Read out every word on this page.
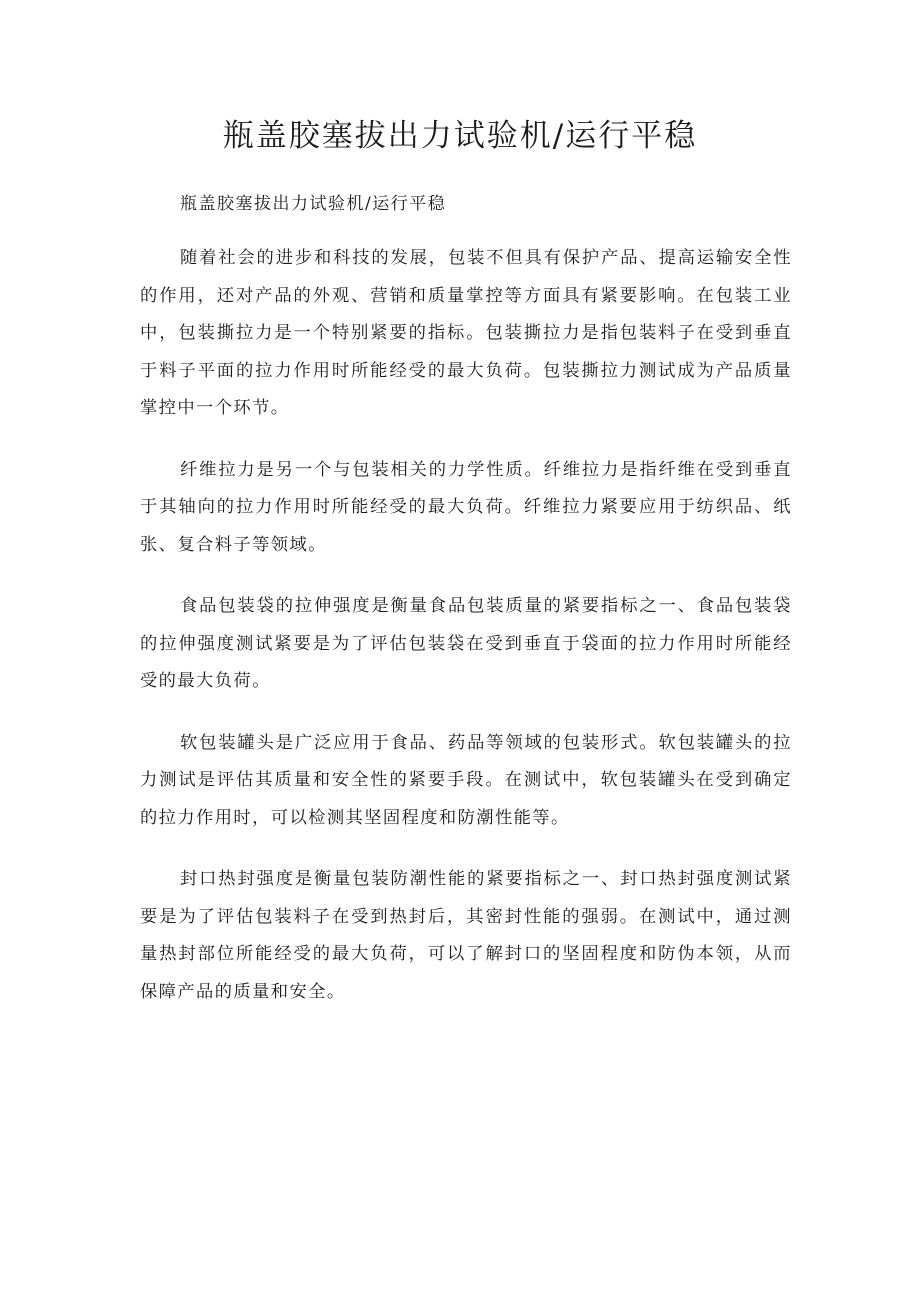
瓶盖胶塞拔出力试验机/运行平稳

瓶盖胶塞拔出力试验机/运行平稳

随着社会的进步和科技的发展，包装不但具有保护产品、提高运输安全性的作用，还对产品的外观、营销和质量掌控等方面具有紧要影响。在包装工业中，包装撕拉力是一个特别紧要的指标。包装撕拉力是指包装料子在受到垂直于料子平面的拉力作用时所能经受的最大负荷。包装撕拉力测试成为产品质量掌控中一个环节。

纤维拉力是另一个与包装相关的力学性质。纤维拉力是指纤维在受到垂直于其轴向的拉力作用时所能经受的最大负荷。纤维拉力紧要应用于纺织品、纸张、复合料子等领域。

食品包装袋的拉伸强度是衡量食品包装质量的紧要指标之一、食品包装袋的拉伸强度测试紧要是为了评估包装袋在受到垂直于袋面的拉力作用时所能经受的最大负荷。

软包装罐头是广泛应用于食品、药品等领域的包装形式。软包装罐头的拉力测试是评估其质量和安全性的紧要手段。在测试中，软包装罐头在受到确定的拉力作用时，可以检测其坚固程度和防潮性能等。

封口热封强度是衡量包装防潮性能的紧要指标之一、封口热封强度测试紧要是为了评估包装料子在受到热封后，其密封性能的强弱。在测试中，通过测量热封部位所能经受的最大负荷，可以了解封口的坚固程度和防伪本领，从而保障产品的质量和安全。
